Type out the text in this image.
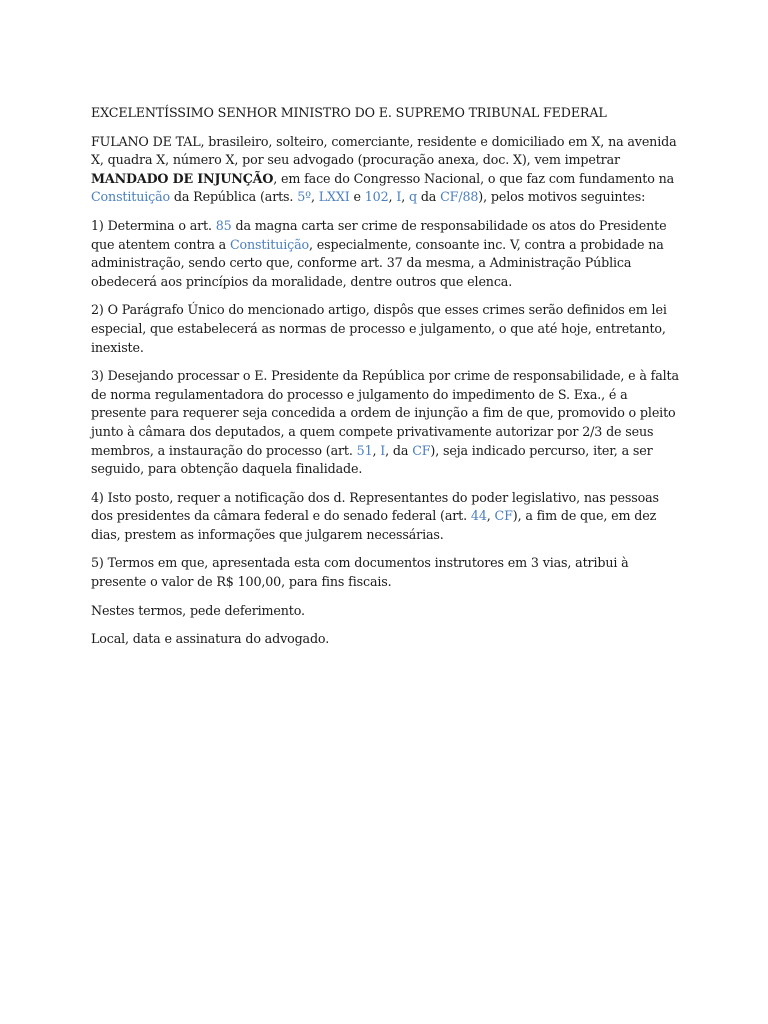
EXCELENTÍSSIMO SENHOR MINISTRO DO E. SUPREMO TRIBUNAL FEDERAL

FULANO DE TAL, brasileiro, solteiro, comerciante, residente e domiciliado em X, na avenida X, quadra X, número X, por seu advogado (procuração anexa, doc. X), vem impetrar MANDADO DE INJUNÇÃO, em face do Congresso Nacional, o que faz com fundamento na Constituição da República (arts. 5º, LXXI e 102, I, q da CF/88), pelos motivos seguintes:

1) Determina o art. 85 da magna carta ser crime de responsabilidade os atos do Presidente que atentem contra a Constituição, especialmente, consoante inc. V, contra a probidade na administração, sendo certo que, conforme art. 37 da mesma, a Administração Pública obedecerá aos princípios da moralidade, dentre outros que elenca.

2) O Parágrafo Único do mencionado artigo, dispôs que esses crimes serão definidos em lei especial, que estabelecerá as normas de processo e julgamento, o que até hoje, entretanto, inexiste.

3) Desejando processar o E. Presidente da República por crime de responsabilidade, e à falta de norma regulamentadora do processo e julgamento do impedimento de S. Exa., é a presente para requerer seja concedida a ordem de injunção a fim de que, promovido o pleito junto à câmara dos deputados, a quem compete privativamente autorizar por 2/3 de seus membros, a instauração do processo (art. 51, I, da CF), seja indicado percurso, iter, a ser seguido, para obtenção daquela finalidade.

4) Isto posto, requer a notificação dos d. Representantes do poder legislativo, nas pessoas dos presidentes da câmara federal e do senado federal (art. 44, CF), a fim de que, em dez dias, prestem as informações que julgarem necessárias.

5) Termos em que, apresentada esta com documentos instrutores em 3 vias, atribui à presente o valor de R$ 100,00, para fins fiscais.

Nestes termos, pede deferimento.

Local, data e assinatura do advogado.
